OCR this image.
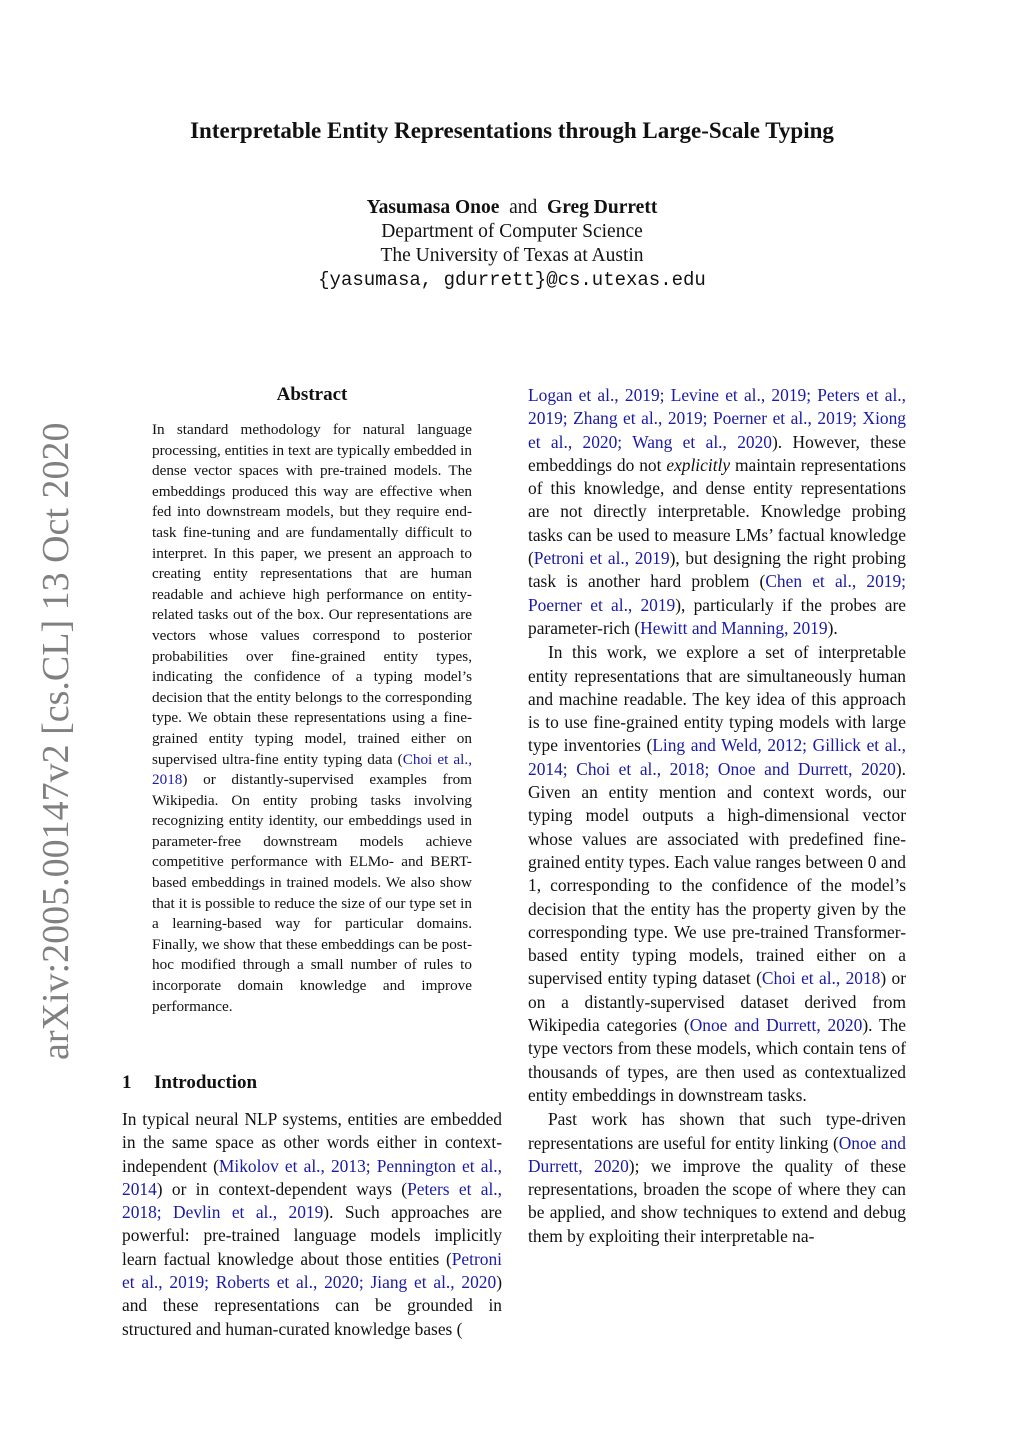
Interpretable Entity Representations through Large-Scale Typing
Yasumasa Onoe and Greg Durrett
Department of Computer Science
The University of Texas at Austin
{yasumasa, gdurrett}@cs.utexas.edu
arXiv:2005.00147v2 [cs.CL] 13 Oct 2020
Abstract

In standard methodology for natural language processing, entities in text are typically embedded in dense vector spaces with pre-trained models. The embeddings produced this way are effective when fed into downstream models, but they require end-task fine-tuning and are fundamentally difficult to interpret. In this paper, we present an approach to creating entity representations that are human readable and achieve high performance on entity-related tasks out of the box. Our representations are vectors whose values correspond to posterior probabilities over fine-grained entity types, indicating the confidence of a typing model’s decision that the entity belongs to the corresponding type. We obtain these representations using a fine-grained entity typing model, trained either on supervised ultra-fine entity typing data (Choi et al., 2018) or distantly-supervised examples from Wikipedia. On entity probing tasks involving recognizing entity identity, our embeddings used in parameter-free downstream models achieve competitive performance with ELMo- and BERT-based embeddings in trained models. We also show that it is possible to reduce the size of our type set in a learning-based way for particular domains. Finally, we show that these embeddings can be post-hoc modified through a small number of rules to incorporate domain knowledge and improve performance.

1 Introduction

In typical neural NLP systems, entities are embedded in the same space as other words either in context-independent (Mikolov et al., 2013; Pennington et al., 2014) or in context-dependent ways (Peters et al., 2018; Devlin et al., 2019). Such approaches are powerful: pre-trained language models implicitly learn factual knowledge about those entities (Petroni et al., 2019; Roberts et al., 2020; Jiang et al., 2020) and these representations can be grounded in structured and human-curated knowledge bases (

Logan et al., 2019; Levine et al., 2019; Peters et al., 2019; Zhang et al., 2019; Poerner et al., 2019; Xiong et al., 2020; Wang et al., 2020). However, these embeddings do not explicitly maintain representations of this knowledge, and dense entity representations are not directly interpretable. Knowledge probing tasks can be used to measure LMs’ factual knowledge (Petroni et al., 2019), but designing the right probing task is another hard problem (Chen et al., 2019; Poerner et al., 2019), particularly if the probes are parameter-rich (Hewitt and Manning, 2019).

In this work, we explore a set of interpretable entity representations that are simultaneously human and machine readable. The key idea of this approach is to use fine-grained entity typing models with large type inventories (Ling and Weld, 2012; Gillick et al., 2014; Choi et al., 2018; Onoe and Durrett, 2020). Given an entity mention and context words, our typing model outputs a high-dimensional vector whose values are associated with predefined fine-grained entity types. Each value ranges between 0 and 1, corresponding to the confidence of the model’s decision that the entity has the property given by the corresponding type. We use pre-trained Transformer-based entity typing models, trained either on a supervised entity typing dataset (Choi et al., 2018) or on a distantly-supervised dataset derived from Wikipedia categories (Onoe and Durrett, 2020). The type vectors from these models, which contain tens of thousands of types, are then used as contextualized entity embeddings in downstream tasks.

Past work has shown that such type-driven representations are useful for entity linking (Onoe and Durrett, 2020); we improve the quality of these representations, broaden the scope of where they can be applied, and show techniques to extend and debug them by exploiting their interpretable na-
